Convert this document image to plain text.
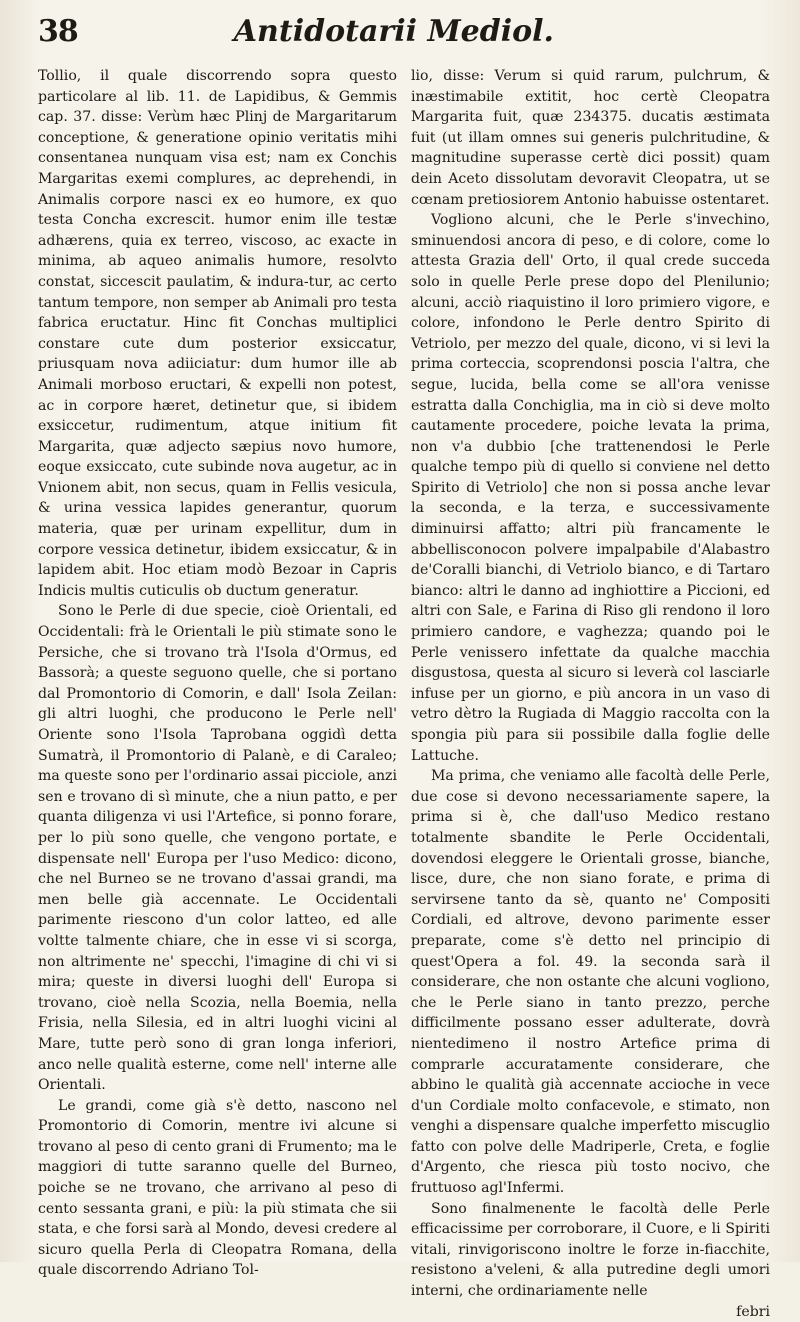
38	Antidotarii Mediol.

Tollio, il quale discorrendo sopra questo particolare al lib. 11. de Lapidibus, & Gemmis cap. 37. disse: Verùm hæc Plinj de Margaritarum conceptione, & generatione opinio veritatis mihi consentanea nunquam visa est; nam ex Conchis Margaritas exemi complures, ac deprehendi, in Animalis corpore nasci ex eo humore, ex quo testa Concha excrescit. humor enim ille testæ adhærens, quia ex terreo, viscoso, ac exacte in minima, ab aqueo animalis humore, resolvto constat, siccescit paulatim, & indura-tur, ac certo tantum tempore, non semper ab Animali pro testa fabrica eructatur. Hinc fit Conchas multiplici constare cute dum posterior exsiccatur, priusquam nova adiiciatur: dum humor ille ab Animali morboso eructari, & expelli non potest, ac in corpore hæret, detinetur que, si ibidem exsiccetur, rudimentum, atque initium fit Margarita, quæ adjecto sæpius novo humore, eoque exsiccato, cute subinde nova augetur, ac in Vnionem abit, non secus, quam in Fellis vesicula, & urina vessica lapides generantur, quorum materia, quæ per urinam expellitur, dum in corpore vessica detinetur, ibidem exsiccatur, & in lapidem abit. Hoc etiam modò Bezoar in Capris Indicis multis cuticulis ob ductum generatur.

Sono le Perle di due specie, cioè Orientali, ed Occidentali: frà le Orientali le più stimate sono le Persiche, che si trovano trà l'Isola d'Ormus, ed Bassorà; a queste seguono quelle, che si portano dal Promontorio di Comorin, e dall' Isola Zeilan: gli altri luoghi, che producono le Perle nell' Oriente sono l'Isola Taprobana oggidì detta Sumatrà, il Promontorio di Palanè, e di Caraleo; ma queste sono per l'ordinario assai picciole, anzi sen e trovano di sì minute, che a niun patto, e per quanta diligenza vi usi l'Artefice, si ponno forare, per lo più sono quelle, che vengono portate, e dispensate nell' Europa per l'uso Medico: dicono, che nel Burneo se ne trovano d'assai grandi, ma men belle già accennate. Le Occidentali parimente riescono d'un color latteo, ed alle voltte talmente chiare, che in esse vi si scorga, non altrimente ne' specchi, l'imagine di chi vi si mira; queste in diversi luoghi dell' Europa si trovano, cioè nella Scozia, nella Boemia, nella Frisia, nella Silesia, ed in altri luoghi vicini al Mare, tutte però sono di gran longa inferiori, anco nelle qualità esterne, come nell' interne alle Orientali.

Le grandi, come già s'è detto, nascono nel Promontorio di Comorin, mentre ivi alcune si trovano al peso di cento grani di Frumento; ma le maggiori di tutte saranno quelle del Burneo, poiche se ne trovano, che arrivano al peso di cento sessanta grani, e più: la più stimata che sii stata, e che forsi sarà al Mondo, devesi credere al sicuro quella Perla di Cleopatra Romana, della quale discorrendo Adriano Tol-

lio, disse: Verum si quid rarum, pulchrum, & inæstimabile extitit, hoc certè Cleopatra Margarita fuit, quæ 234375. ducatis æstimata fuit (ut illam omnes sui generis pulchritudine, & magnitudine superasse certè dici possit) quam dein Aceto dissolutam devoravit Cleopatra, ut se cœnam pretiosiorem Antonio habuisse ostentaret.

Vogliono alcuni, che le Perle s'invechino, sminuendosi ancora di peso, e di colore, come lo attesta Grazia dell' Orto, il qual crede succeda solo in quelle Perle prese dopo del Plenilunio; alcuni, acciò riaquistino il loro primiero vigore, e colore, infondono le Perle dentro Spirito di Vetriolo, per mezzo del quale, dicono, vi si levi la prima corteccia, scoprendonsi poscia l'altra, che segue, lucida, bella come se all'ora venisse estratta dalla Conchiglia, ma in ciò si deve molto cautamente procedere, poiche levata la prima, non v'a dubbio [che trattenendosi le Perle qualche tempo più di quello si conviene nel detto Spirito di Vetriolo] che non si possa anche levar la seconda, e la terza, e successivamente diminuirsi affatto; altri più francamente le abbellisconocon polvere impalpabile d'Alabastro de'Coralli bianchi, di Vetriolo bianco, e di Tartaro bianco: altri le danno ad inghiottire a Piccioni, ed altri con Sale, e Farina di Riso gli rendono il loro primiero candore, e vaghezza; quando poi le Perle venissero infettate da qualche macchia disgustosa, questa al sicuro si leverà col lasciarle infuse per un giorno, e più ancora in un vaso di vetro dètro la Rugiada di Maggio raccolta con la spongia più para sii possibile dalla foglie delle Lattuche.

Ma prima, che veniamo alle facoltà delle Perle, due cose si devono necessariamente sapere, la prima si è, che dall'uso Medico restano totalmente sbandite le Perle Occidentali, dovendosi eleggere le Orientali grosse, bianche, lisce, dure, che non siano forate, e prima di servirsene tanto da sè, quanto ne' Compositi Cordiali, ed altrove, devono parimente esser preparate, come s'è detto nel principio di quest'Opera a fol. 49. la seconda sarà il considerare, che non ostante che alcuni vogliono, che le Perle siano in tanto prezzo, perche difficilmente possano esser adulterate, dovrà nientedimeno il nostro Artefice prima di comprarle accuratamente considerare, che abbino le qualità già accennate accioche in vece d'un Cordiale molto confacevole, e stimato, non venghi a dispensare qualche imperfetto miscuglio fatto con polve delle Madriperle, Creta, e foglie d'Argento, che riesca più tosto nocivo, che fruttuoso agl'Infermi.

Sono finalmenente le facoltà delle Perle efficacissime per corroborare, il Cuore, e li Spiriti vitali, rinvigoriscono inoltre le forze in-fiacchite, resistono a'veleni, & alla putredine degli umori interni, che ordinariamente nelle

febri
